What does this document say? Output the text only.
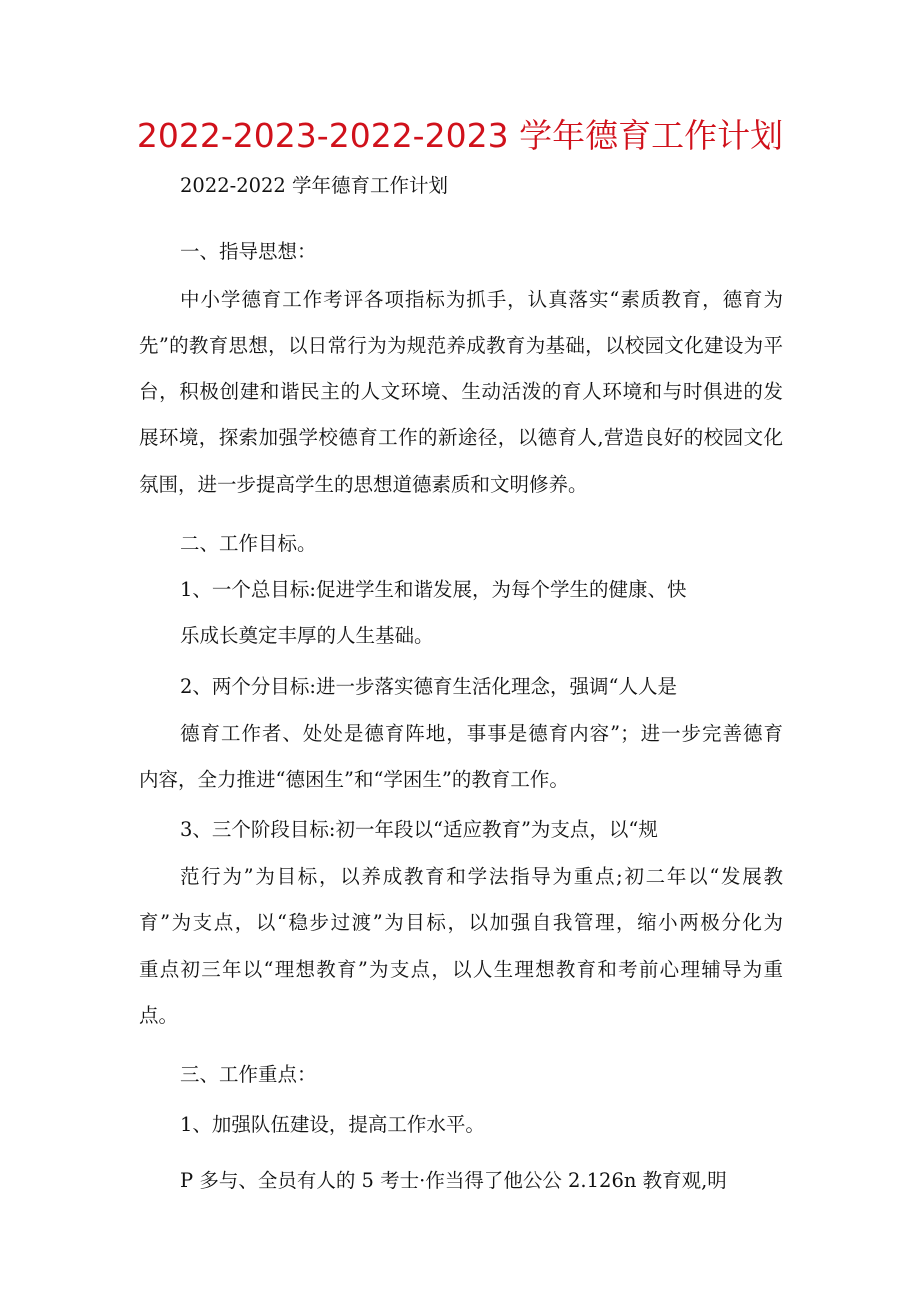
2022-2023-2022-2023 学年德育工作计划
2022-2022 学年德育工作计划
一、指导思想：
中小学德育工作考评各项指标为抓手，认真落实“素质教育，德育为
先”的教育思想，以日常行为为规范养成教育为基础，以校园文化建设为平
台，积极创建和谐民主的人文环境、生动活泼的育人环境和与时俱进的发
展环境，探索加强学校德育工作的新途径，以德育人,营造良好的校园文化
氛围，进一步提高学生的思想道德素质和文明修养。
二、工作目标。
1、一个总目标:促进学生和谐发展，为每个学生的健康、快
乐成长奠定丰厚的人生基础。
2、两个分目标:进一步落实德育生活化理念，强调“人人是
德育工作者、处处是德育阵地，事事是德育内容”；进一步完善德育
内容，全力推进“德困生”和“学困生”的教育工作。
3、三个阶段目标:初一年段以“适应教育”为支点，以“规
范行为”为目标，以养成教育和学法指导为重点;初二年以“发展教
育”为支点，以“稳步过渡”为目标，以加强自我管理，缩小两极分化为
重点初三年以“理想教育”为支点，以人生理想教育和考前心理辅导为重
点。
三、工作重点：
1、加强队伍建设，提高工作水平。
P 多与、全员有人的 5 考士·作当得了他公公 2.126n 教育观,明
